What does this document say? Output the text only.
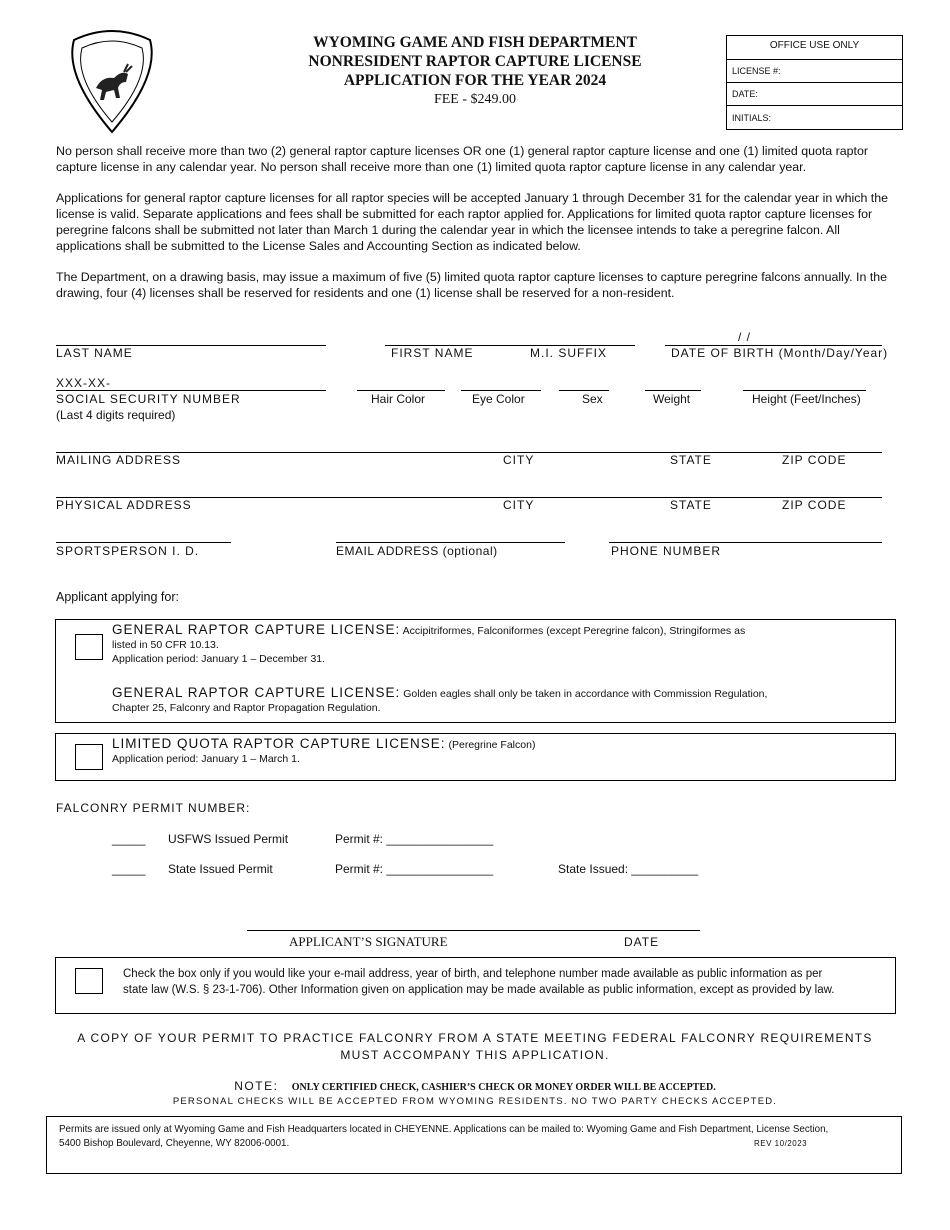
WYOMING GAME AND FISH DEPARTMENT
NONRESIDENT RAPTOR CAPTURE LICENSE
APPLICATION FOR THE YEAR 2024
FEE - $249.00
OFFICE USE ONLY
LICENSE #:
DATE:
INITIALS:
No person shall receive more than two (2) general raptor capture licenses OR one (1) general raptor capture license and one (1) limited quota raptor capture license in any calendar year. No person shall receive more than one (1) limited quota raptor capture license in any calendar year.
Applications for general raptor capture licenses for all raptor species will be accepted January 1 through December 31 for the calendar year in which the license is valid. Separate applications and fees shall be submitted for each raptor applied for. Applications for limited quota raptor capture licenses for peregrine falcons shall be submitted not later than March 1 during the calendar year in which the licensee intends to take a peregrine falcon. All applications shall be submitted to the License Sales and Accounting Section as indicated below.
The Department, on a drawing basis, may issue a maximum of five (5) limited quota raptor capture licenses to capture peregrine falcons annually. In the drawing, four (4) licenses shall be reserved for residents and one (1) license shall be reserved for a non-resident.
/ /
LAST NAME	FIRST NAME	M.I. SUFFIX	DATE OF BIRTH (Month/Day/Year)
XXX-XX-
SOCIAL SECURITY NUMBER
(Last 4 digits required)
Hair Color	Eye Color	Sex	Weight	Height (Feet/Inches)
MAILING ADDRESS	CITY	STATE	ZIP CODE
PHYSICAL ADDRESS	CITY	STATE	ZIP CODE
SPORTSPERSON I. D.	EMAIL ADDRESS (optional)	PHONE NUMBER
Applicant applying for:
GENERAL RAPTOR CAPTURE LICENSE: Accipitriformes, Falconiformes (except Peregrine falcon), Stringiformes as
listed in 50 CFR 10.13.
Application period: January 1 – December 31.
GENERAL RAPTOR CAPTURE LICENSE: Golden eagles shall only be taken in accordance with Commission Regulation,
Chapter 25, Falconry and Raptor Propagation Regulation.
LIMITED QUOTA RAPTOR CAPTURE LICENSE: (Peregrine Falcon)
Application period: January 1 – March 1.
FALCONRY PERMIT NUMBER:
_____ USFWS Issued Permit	Permit #: ________________
_____ State Issued Permit	Permit #: ________________	State Issued: __________
APPLICANT’S SIGNATURE	DATE
Check the box only if you would like your e-mail address, year of birth, and telephone number made available as public information as per
state law (W.S. § 23-1-706). Other Information given on application may be made available as public information, except as provided by law.
A COPY OF YOUR PERMIT TO PRACTICE FALCONRY FROM A STATE MEETING FEDERAL FALCONRY REQUIREMENTS
MUST ACCOMPANY THIS APPLICATION.
NOTE: ONLY CERTIFIED CHECK, CASHIER’S CHECK OR MONEY ORDER WILL BE ACCEPTED.
PERSONAL CHECKS WILL BE ACCEPTED FROM WYOMING RESIDENTS. NO TWO PARTY CHECKS ACCEPTED.
Permits are issued only at Wyoming Game and Fish Headquarters located in CHEYENNE. Applications can be mailed to: Wyoming Game and Fish Department, License Section,
5400 Bishop Boulevard, Cheyenne, WY 82006-0001.	REV 10/2023
